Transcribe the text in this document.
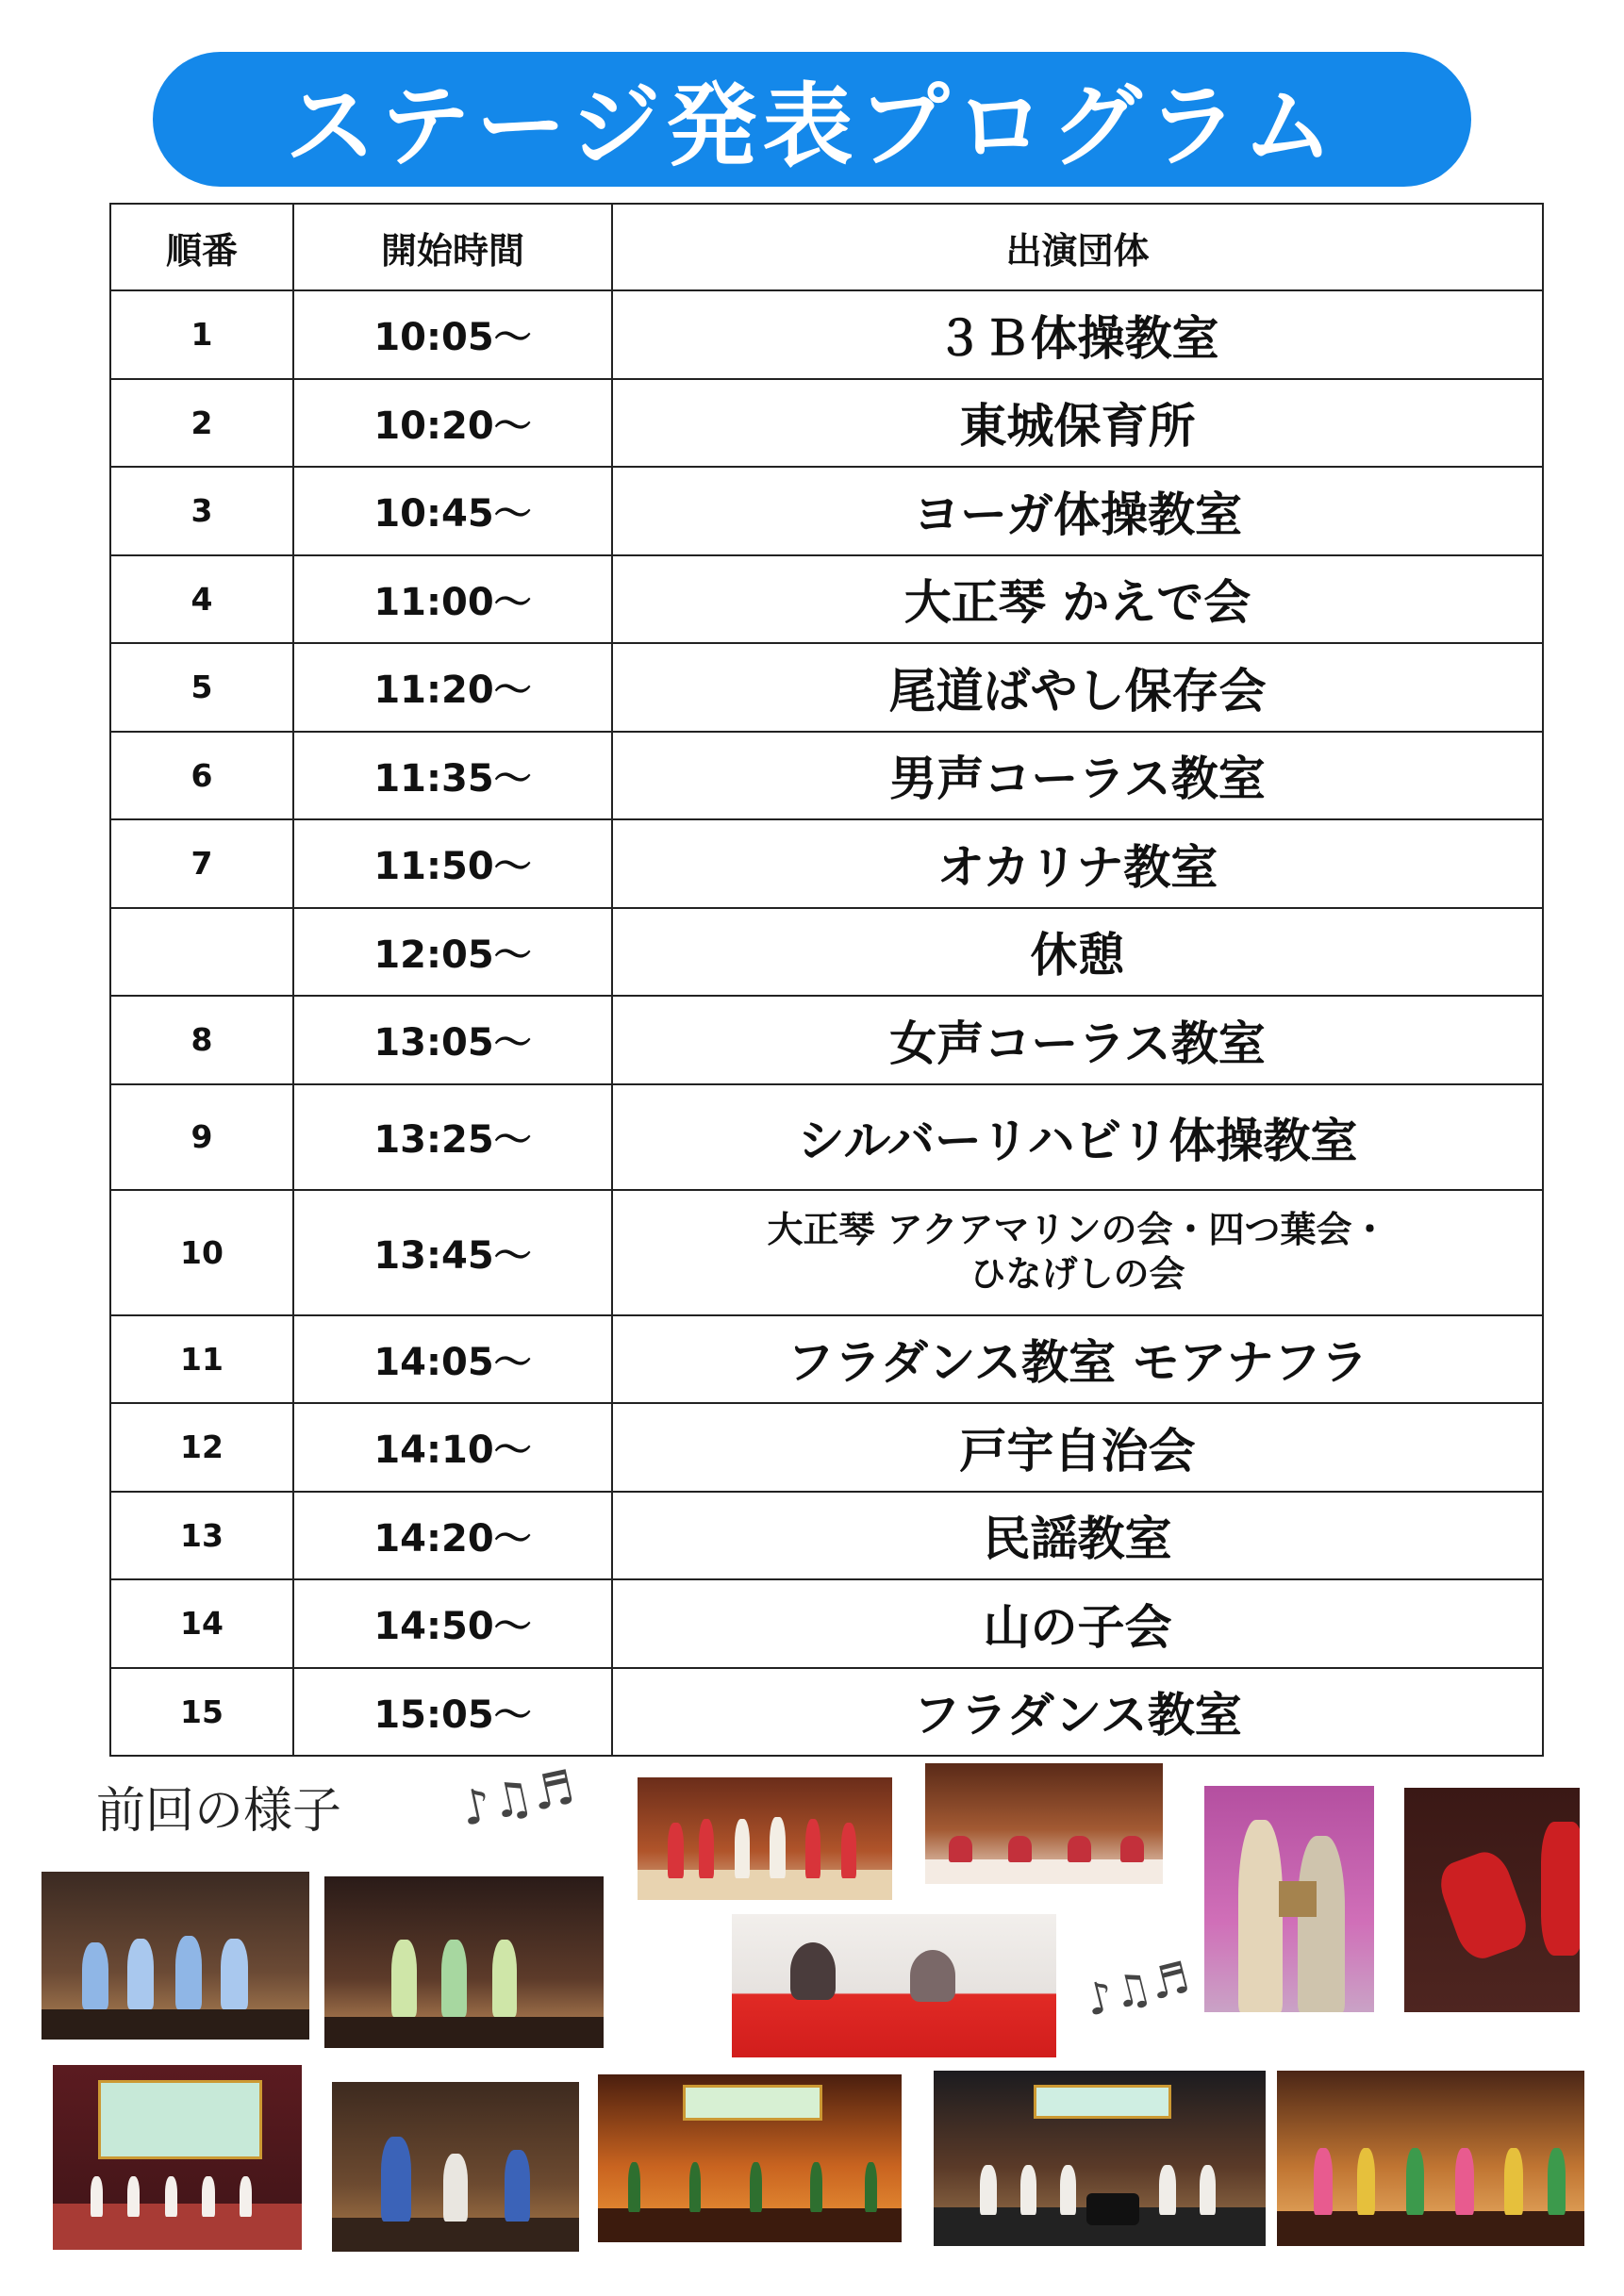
ステージ発表プログラム
順番	開始時間	出演団体
1	10:05～	３Ｂ体操教室
2	10:20～	東城保育所
3	10:45～	ヨーガ体操教室
4	11:00～	大正琴 かえで会
5	11:20～	尾道ばやし保存会
6	11:35～	男声コーラス教室
7	11:50～	オカリナ教室
	12:05～	休憩
8	13:05～	女声コーラス教室
9	13:25～	シルバーリハビリ体操教室
10	13:45～	大正琴 アクアマリンの会・四つ葉会・
ひなげしの会

11	14:05～	フラダンス教室 モアナフラ
12	14:10～	戸宇自治会
13	14:20～	民謡教室
14	14:50～	山の子会
15	15:05～	フラダンス教室
前回の様子 ♪♫♬
♪♫♬
